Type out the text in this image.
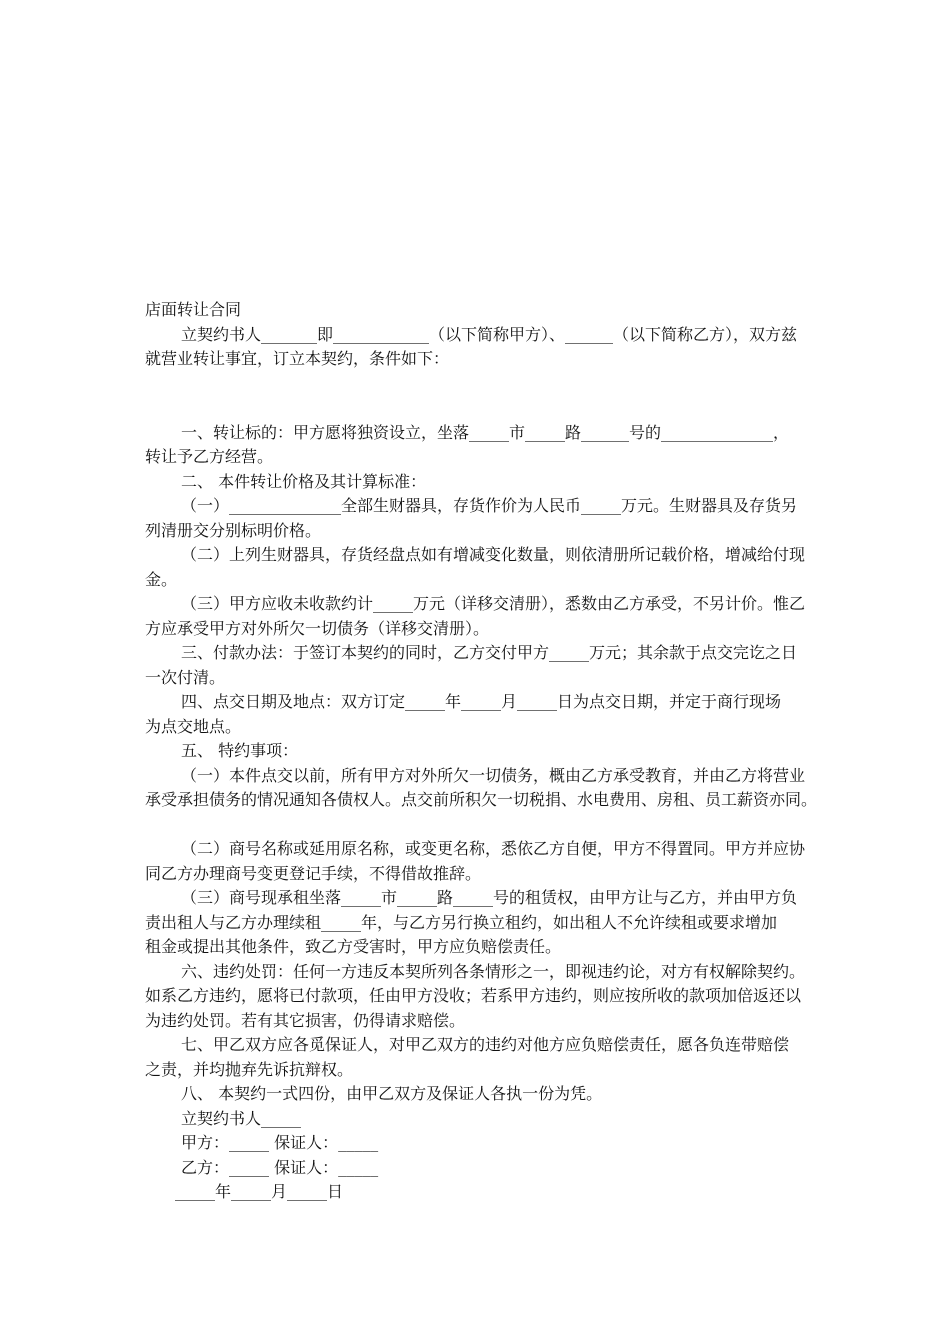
店面转让合同
立契约书人_______即____________（以下简称甲方）、______（以下简称乙方），双方兹
就营业转让事宜，订立本契约，条件如下：
一、转让标的：甲方愿将独资设立，坐落_____市_____路______号的______________，
转让予乙方经营。
二、 本件转让价格及其计算标准：
（一）______________全部生财器具，存货作价为人民币_____万元。生财器具及存货另
列清册交分别标明价格。
（二）上列生财器具，存货经盘点如有增减变化数量，则依清册所记载价格，增减给付现
金。
（三）甲方应收未收款约计_____万元（详移交清册），悉数由乙方承受，不另计价。惟乙
方应承受甲方对外所欠一切债务（详移交清册）。
三、付款办法：于签订本契约的同时，乙方交付甲方_____万元；其余款于点交完讫之日
一次付清。
四、点交日期及地点：双方订定_____年_____月_____日为点交日期，并定于商行现场
为点交地点。
五、 特约事项：
（一）本件点交以前，所有甲方对外所欠一切债务，概由乙方承受教育，并由乙方将营业
承受承担债务的情况通知各债权人。点交前所积欠一切税捐、水电费用、房租、员工薪资亦同。
（二）商号名称或延用原名称，或变更名称，悉依乙方自便，甲方不得置同。甲方并应协
同乙方办理商号变更登记手续，不得借故推辞。
（三）商号现承租坐落_____市_____路_____号的租赁权，由甲方让与乙方，并由甲方负
责出租人与乙方办理续租_____年，与乙方另行换立租约，如出租人不允许续租或要求增加
租金或提出其他条件，致乙方受害时，甲方应负赔偿责任。
六、违约处罚：任何一方违反本契所列各条情形之一，即视违约论，对方有权解除契约。
如系乙方违约，愿将已付款项，任由甲方没收；若系甲方违约，则应按所收的款项加倍返还以
为违约处罚。若有其它损害，仍得请求赔偿。
七、甲乙双方应各觅保证人，对甲乙双方的违约对他方应负赔偿责任，愿各负连带赔偿
之责，并均抛弃先诉抗辩权。
八、 本契约一式四份，由甲乙双方及保证人各执一份为凭。
立契约书人_____
甲方：_____ 保证人：_____
乙方：_____ 保证人：_____
_____年_____月_____日
